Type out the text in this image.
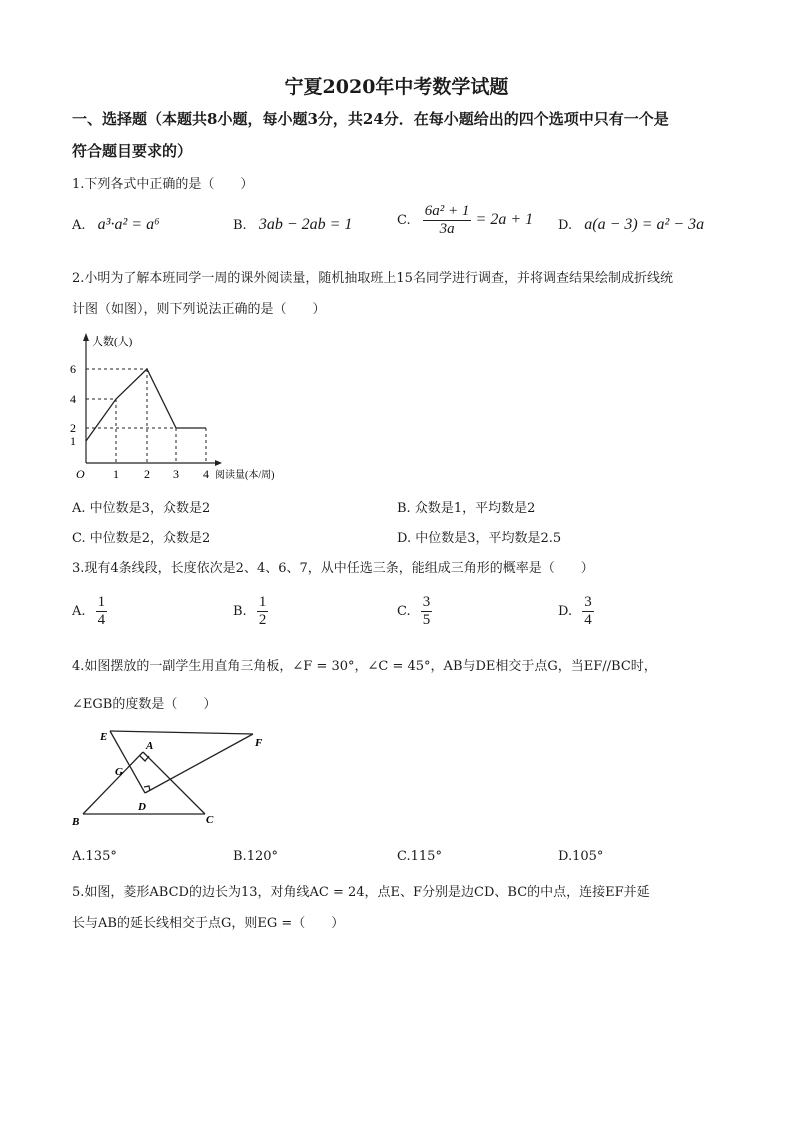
宁夏2020年中考数学试题
一、选择题（本题共8小题，每小题3分，共24分．在每小题给出的四个选项中只有一个是
符合题目要求的）
1.下列各式中正确的是（　　）
A. a³·a² = a⁶	B. 3ab − 2ab = 1	C. $\frac{\text{6a² + 1}}{3a} = 2a + 1$ D. a(a − 3) = a² − 3a
2.小明为了解本班同学一周的课外阅读量，随机抽取班上15名同学进行调查，并将调查结果绘制成折线统
计图（如图），则下列说法正确的是（　　）
人数(人)
6
4
2
1
O 1 2 3 4 阅读量(本/周)
A. 中位数是3，众数是2	B. 众数是1，平均数是2
C. 中位数是2，众数是2	D. 中位数是3，平均数是2.5
3.现有4条线段，长度依次是2、4、6、7，从中任选三条，能组成三角形的概率是（　　）
A. $\frac{1}{4}$	B. $\frac{1}{2}$	C. $\frac{3}{5}$	D. $\frac{3}{4}$
4.如图摆放的一副学生用直角三角板，∠F = 30°，∠C = 45°，AB与DE相交于点G，当EF//BC时，
∠EGB的度数是（　　）
E
A	F
G
D
B	C
A.135°	B.120°	C.115°	D.105°
5.如图，菱形ABCD的边长为13，对角线AC = 24，点E、F分别是边CD、BC的中点，连接EF并延
长与AB的延长线相交于点G，则EG =（　　）
